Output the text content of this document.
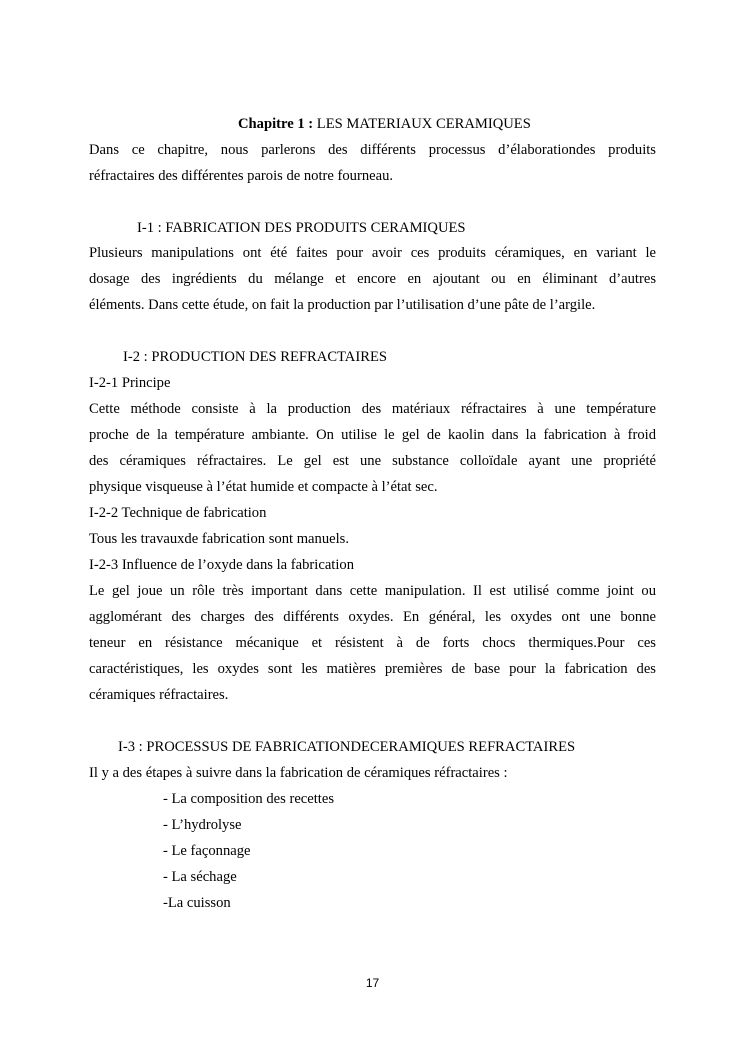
Chapitre 1 : LES MATERIAUX CERAMIQUES

Dans ce chapitre, nous parlerons des différents processus d’élaborationdes produits

réfractaires des différentes parois de notre fourneau.

I-1 : FABRICATION DES PRODUITS CERAMIQUES

Plusieurs manipulations ont été faites pour avoir ces produits céramiques, en variant le

dosage des ingrédients du mélange et encore en ajoutant ou en éliminant d’autres

éléments. Dans cette étude, on fait la production par l’utilisation d’une pâte de l’argile.

I-2 : PRODUCTION DES REFRACTAIRES

I-2-1 Principe

Cette méthode consiste à la production des matériaux réfractaires à une température

proche de la température ambiante. On utilise le gel de kaolin dans la fabrication à froid

des céramiques réfractaires. Le gel est une substance colloïdale ayant une propriété

physique visqueuse à l’état humide et compacte à l’état sec.

I-2-2 Technique de fabrication

Tous les travauxde fabrication sont manuels.

I-2-3 Influence de l’oxyde dans la fabrication

Le gel joue un rôle très important dans cette manipulation. Il est utilisé comme joint ou

agglomérant des charges des différents oxydes. En général, les oxydes ont une bonne

teneur en résistance mécanique et résistent à de forts chocs thermiques.Pour ces

caractéristiques, les oxydes sont les matières premières de base pour la fabrication des

céramiques réfractaires.

I-3 : PROCESSUS DE FABRICATIONDECERAMIQUES REFRACTAIRES

Il y a des étapes à suivre dans la fabrication de céramiques réfractaires :

- La composition des recettes

- L’hydrolyse

- Le façonnage

- La séchage

-La cuisson

17
